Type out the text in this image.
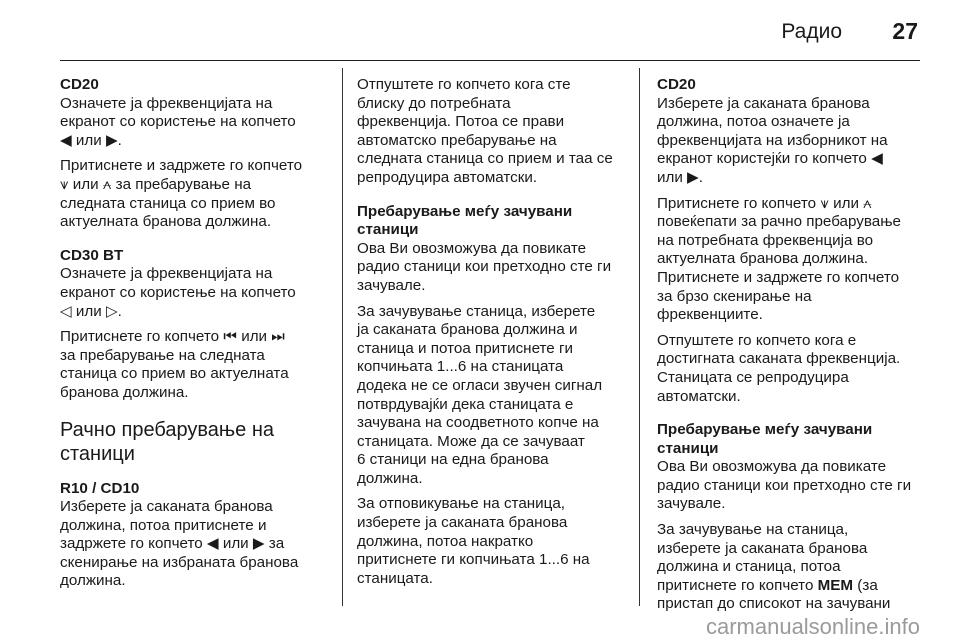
Радио 27
CD20
Означете ја фреквенцијата на
екранот со користење на копчето
◀ или ▶.
Притиснете и задржете го копчето
⩛ или ⩜ за пребарување на
следната станица со прием во
актуелната бранова должина.
CD30 BT
Означете ја фреквенцијата на
екранот со користење на копчето
◁ или ▷.
Притиснете го копчето ⏮ или ⏭
за пребарување на следната
станица со прием во актуелната
бранова должина.
Рачно пребарување на
станици
R10 / CD10
Изберете ја саканата бранова
должина, потоа притиснете и
задржете го копчето ◀ или ▶ за
скенирање на избраната бранова
должина.
Отпуштете го копчето кога сте
блиску до потребната
фреквенција. Потоа се прави
автоматско пребарување на
следната станица со прием и таа се
репродуцира автоматски.
Пребарување меѓу зачувани
станици
Ова Ви овозможува да повикате
радио станици кои претходно сте ги
зачувале.
За зачувување станица, изберете
ја саканата бранова должина и
станица и потоа притиснете ги
копчињата 1...6 на станицата
додека не се огласи звучен сигнал
потврдувајќи дека станицата е
зачувана на соодветното копче на
станицата. Може да се зачуваат
6 станици на една бранова
должина.
За отповикување на станица,
изберете ја саканата бранова
должина, потоа накратко
притиснете ги копчињата 1...6 на
станицата.
CD20
Изберете ја саканата бранова
должина, потоа означете ја
фреквенцијата на изборникот на
екранот користејќи го копчето ◀
или ▶.
Притиснете го копчето ⩛ или ⩜
повеќепати за рачно пребарување
на потребната фреквенција во
актуелната бранова должина.
Притиснете и задржете го копчето
за брзо скенирање на
фреквенциите.
Отпуштете го копчето кога е
достигната саканата фреквенција.
Станицата се репродуцира
автоматски.
Пребарување меѓу зачувани
станици
Ова Ви овозможува да повикате
радио станици кои претходно сте ги
зачувале.
За зачувување на станица,
изберете ја саканата бранова
должина и станица, потоа
притиснете го копчето MEM (за
пристап до списокот на зачувани
carmanualsonline.info
